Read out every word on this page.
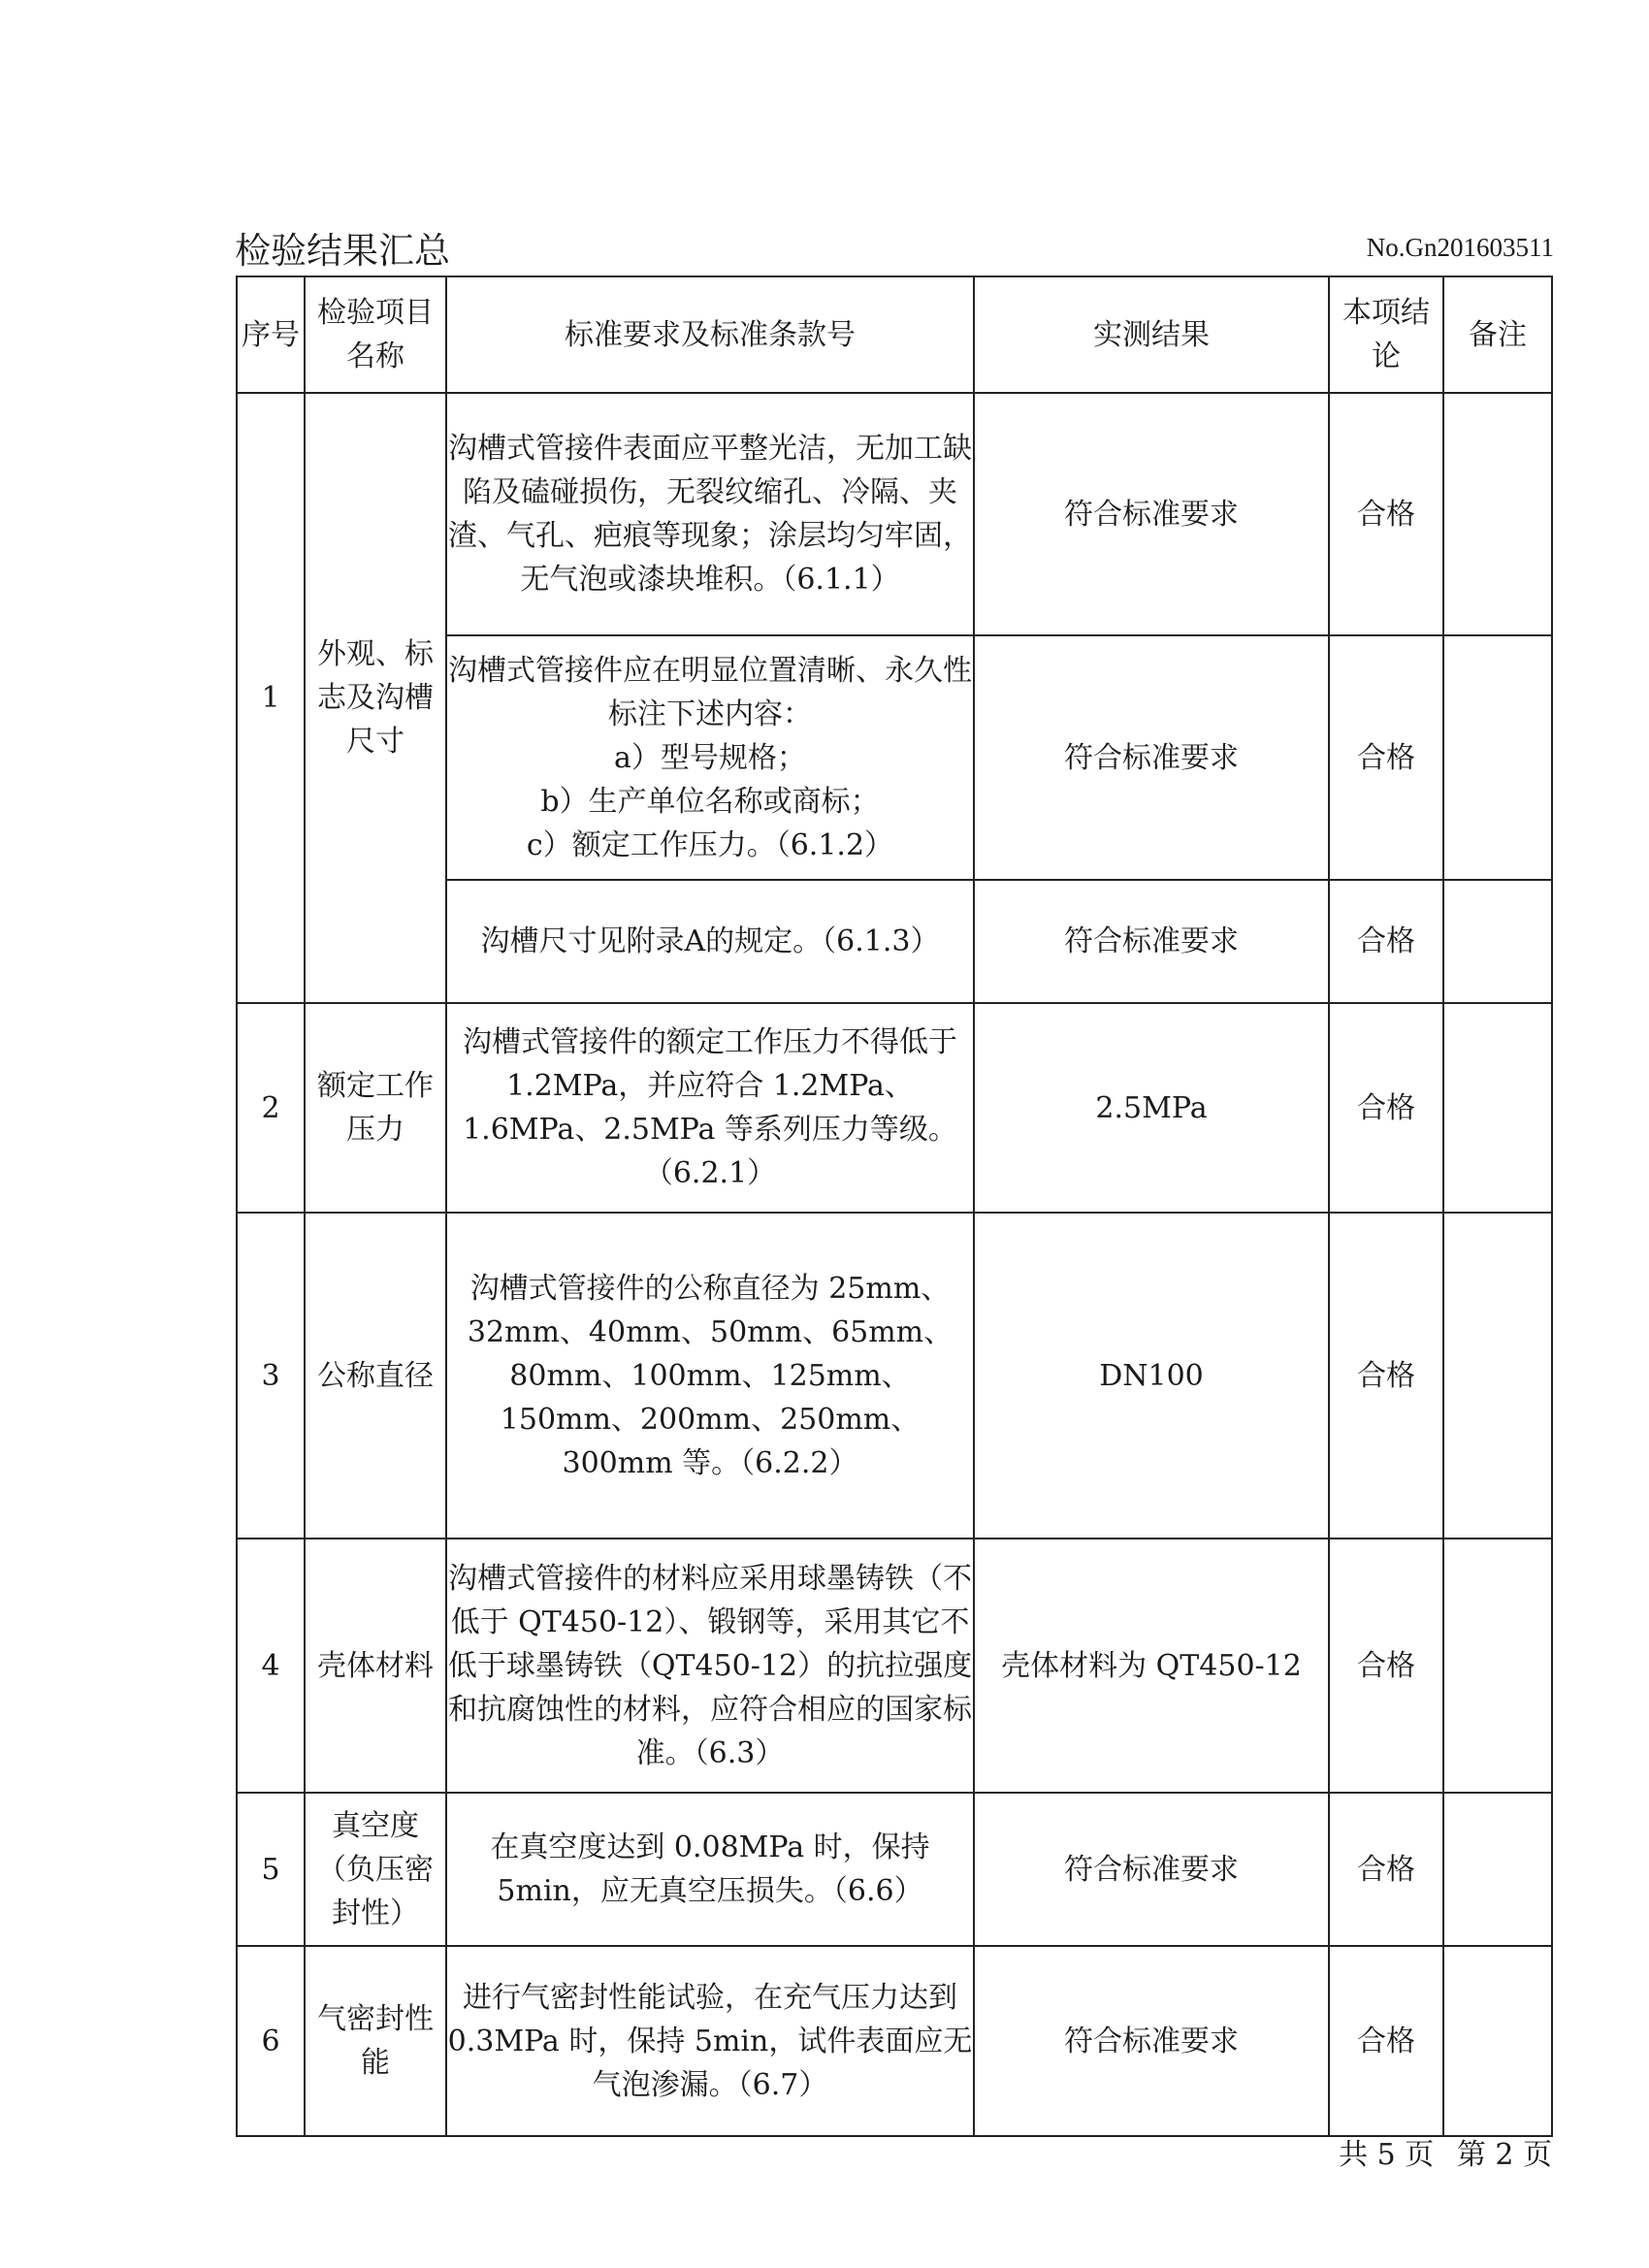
检验结果汇总	No.Gn201603511
序号	检验项目名称	标准要求及标准条款号	实测结果	本项结论	备注
1	外观、标志及沟槽尺寸	沟槽式管接件表面应平整光洁，无加工缺陷及磕碰损伤，无裂纹缩孔、冷隔、夹渣、气孔、疤痕等现象；涂层均匀牢固，无气泡或漆块堆积。（6.1.1）	符合标准要求	合格	

		沟槽式管接件应在明显位置清晰、永久性标注下述内容：
a）型号规格；
b）生产单位名称或商标；
c）额定工作压力。（6.1.2）	符合标准要求	合格	
		沟槽尺寸见附录A的规定。（6.1.3）	符合标准要求	合格	
2	额定工作压力	沟槽式管接件的额定工作压力不得低于 1.2MPa，并应符合 1.2MPa、1.6MPa、2.5MPa 等系列压力等级。（6.2.1）	2.5MPa	合格	
3	公称直径	沟槽式管接件的公称直径为 25mm、32mm、40mm、50mm、65mm、80mm、100mm、125mm、150mm、200mm、250mm、300mm 等。（6.2.2）	DN100	合格	
4	壳体材料	沟槽式管接件的材料应采用球墨铸铁（不低于 QT450-12）、锻钢等，采用其它不低于球墨铸铁（QT450-12）的抗拉强度和抗腐蚀性的材料，应符合相应的国家标准。（6.3）	壳体材料为 QT450-12	合格	
5	真空度（负压密封性）	在真空度达到 0.08MPa 时，保持 5min，应无真空压损失。（6.6）	符合标准要求	合格	
6	气密封性能	进行气密封性能试验，在充气压力达到 0.3MPa 时，保持 5min，试件表面应无气泡渗漏。（6.7）	符合标准要求	合格	
共 5 页 第 2 页
